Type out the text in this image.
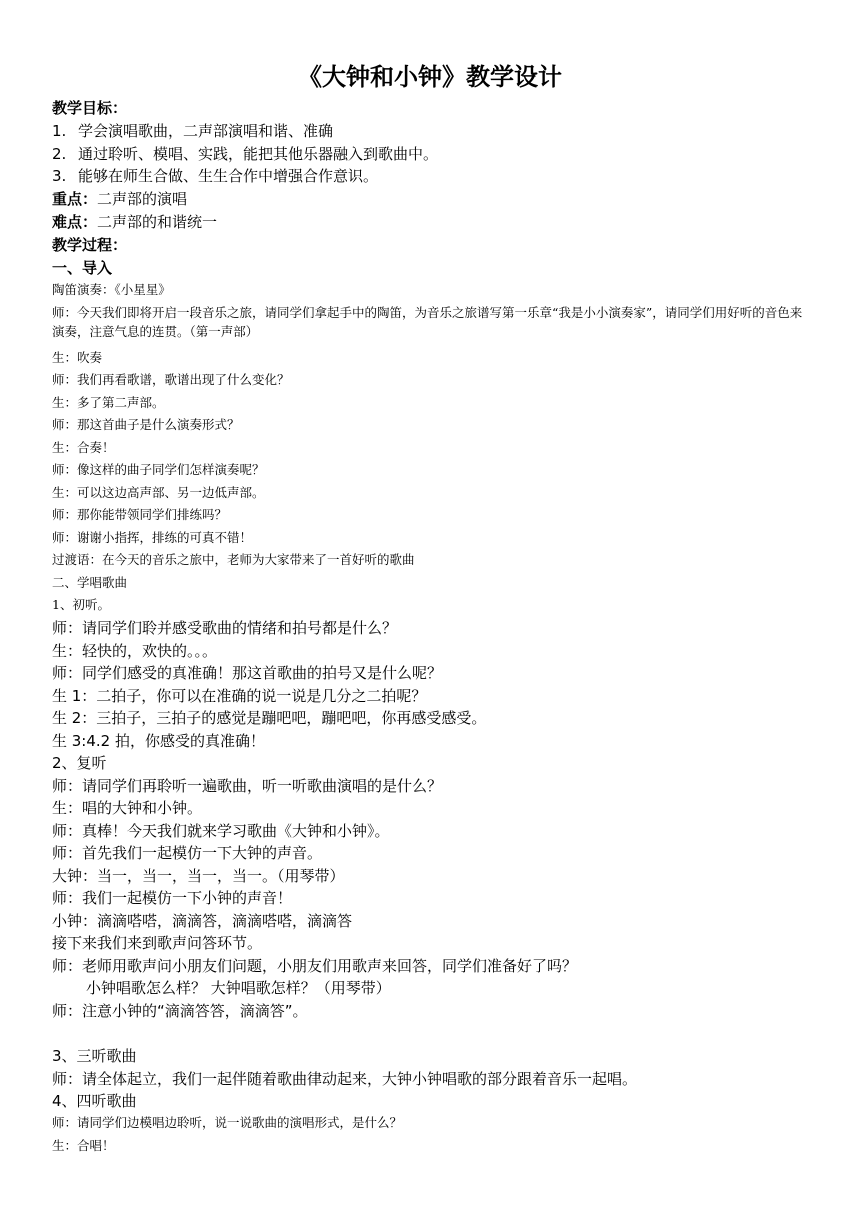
《大钟和小钟》教学设计
教学目标：
1. 学会演唱歌曲，二声部演唱和谐、准确
2. 通过聆听、模唱、实践，能把其他乐器融入到歌曲中。
3. 能够在师生合做、生生合作中增强合作意识。
重点：二声部的演唱
难点：二声部的和谐统一
教学过程：
一、导入
陶笛演奏：《小星星》
师：今天我们即将开启一段音乐之旅，请同学们拿起手中的陶笛，为音乐之旅谱写第一乐章“我是小小演奏家”，请同学们用好听的音色来演奏，注意气息的连贯。（第一声部）
生：吹奏
师：我们再看歌谱，歌谱出现了什么变化？
生：多了第二声部。
师：那这首曲子是什么演奏形式？
生：合奏！
师：像这样的曲子同学们怎样演奏呢？
生：可以这边高声部、另一边低声部。
师：那你能带领同学们排练吗？
师：谢谢小指挥，排练的可真不错！
过渡语：在今天的音乐之旅中，老师为大家带来了一首好听的歌曲
二、学唱歌曲
1、初听。
师：请同学们聆并感受歌曲的情绪和拍号都是什么？
生：轻快的，欢快的。。。
师：同学们感受的真准确！那这首歌曲的拍号又是什么呢？
生 1：二拍子，你可以在准确的说一说是几分之二拍呢？
生 2：三拍子，三拍子的感觉是蹦吧吧，蹦吧吧，你再感受感受。
生 3:4.2 拍，你感受的真准确！
2、复听
师：请同学们再聆听一遍歌曲，听一听歌曲演唱的是什么？
生：唱的大钟和小钟。
师：真棒！今天我们就来学习歌曲《大钟和小钟》。
师：首先我们一起模仿一下大钟的声音。
大钟：当一，当一，当一，当一。（用琴带）
师：我们一起模仿一下小钟的声音！
小钟：滴滴嗒嗒，滴滴答，滴滴嗒嗒，滴滴答
接下来我们来到歌声问答环节。
师：老师用歌声问小朋友们问题，小朋友们用歌声来回答，同学们准备好了吗？
小钟唱歌怎么样？ 大钟唱歌怎样？（用琴带）
师：注意小钟的“滴滴答答，滴滴答”。
3、三听歌曲
师：请全体起立，我们一起伴随着歌曲律动起来，大钟小钟唱歌的部分跟着音乐一起唱。
4、四听歌曲
师：请同学们边模唱边聆听，说一说歌曲的演唱形式，是什么？
生：合唱！
